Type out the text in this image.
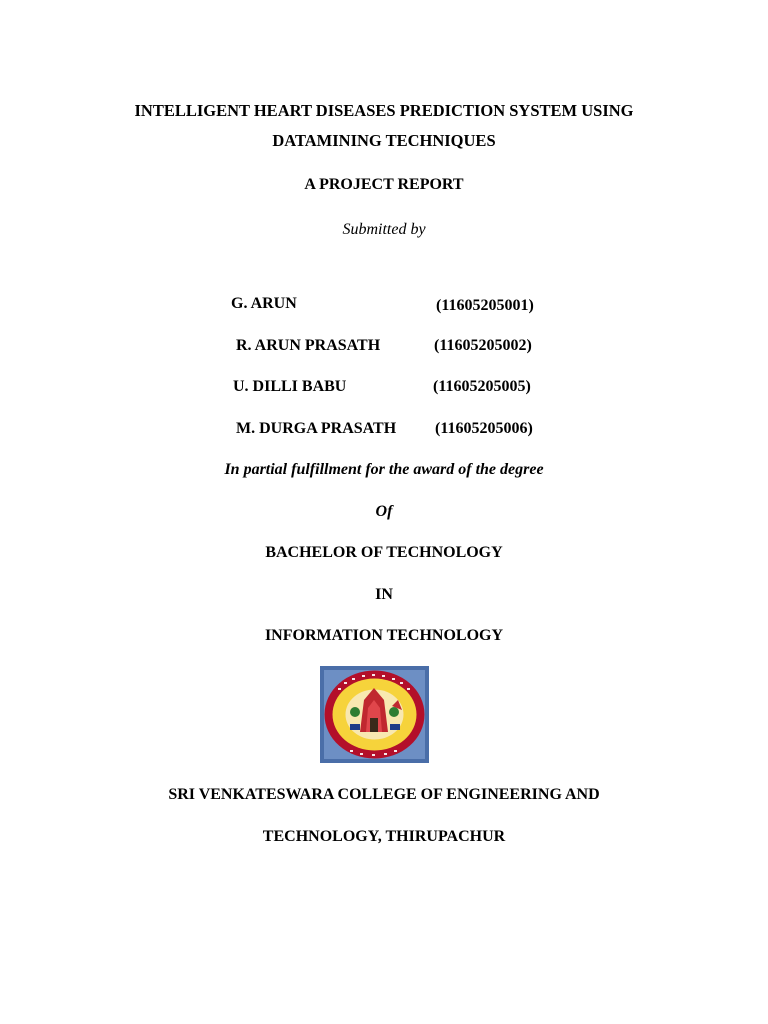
INTELLIGENT HEART DISEASES PREDICTION SYSTEM USING
DATAMINING TECHNIQUES
A PROJECT REPORT
Submitted by
G. ARUN	(11605205001)
R. ARUN PRASATH	(11605205002)
U. DILLI BABU	(11605205005)
M. DURGA PRASATH (11605205006)
In partial fulfillment for the award of the degree
Of
BACHELOR OF TECHNOLOGY
IN
INFORMATION TECHNOLOGY
SRI VENKATESWARA COLLEGE OF ENGINEERING AND
TECHNOLOGY, THIRUPACHUR
